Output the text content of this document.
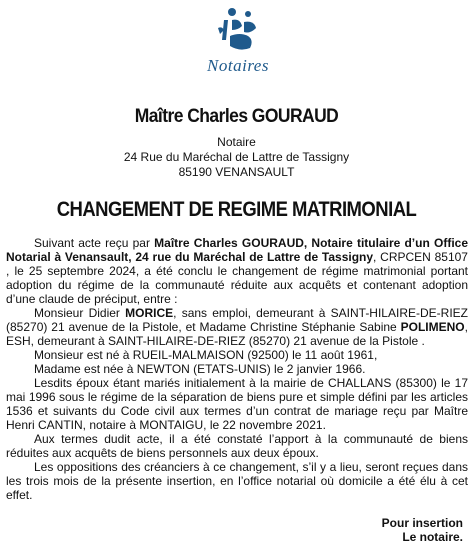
Notaires
Maître Charles GOURAUD
Notaire
24 Rue du Maréchal de Lattre de Tassigny
85190 VENANSAULT
CHANGEMENT DE REGIME MATRIMONIAL

Suivant acte reçu par Maître Charles GOURAUD, Notaire titulaire d’un Office Notarial à Venansault, 24 rue du Maréchal de Lattre de Tassigny, CRPCEN 85107 , le 25 septembre 2024, a été conclu le changement de régime matrimonial portant adoption du régime de la communauté réduite aux acquêts et contenant adoption d’une claude de préciput, entre :

Monsieur Didier MORICE, sans emploi, demeurant à SAINT-HILAIRE-DE-RIEZ (85270) 21 avenue de la Pistole, et Madame Christine Stéphanie Sabine POLIMENO, ESH, demeurant à SAINT-HILAIRE-DE-RIEZ (85270) 21 avenue de la Pistole .

Monsieur est né à RUEIL-MALMAISON (92500) le 11 août 1961,

Madame est née à NEWTON (ETATS-UNIS) le 2 janvier 1966.

Lesdits époux étant mariés initialement à la mairie de CHALLANS (85300) le 17 mai 1996 sous le régime de la séparation de biens pure et simple défini par les articles 1536 et suivants du Code civil aux termes d’un contrat de mariage reçu par Maître Henri CANTIN, notaire à MONTAIGU, le 22 novembre 2021.

Aux termes dudit acte, il a été constaté l’apport à la communauté de biens réduites aux acquêts de biens personnels aux deux époux.

Les oppositions des créanciers à ce changement, s’il y a lieu, seront reçues dans les trois mois de la présente insertion, en l’office notarial où domicile a été élu à cet effet.

Pour insertion
Le notaire.
